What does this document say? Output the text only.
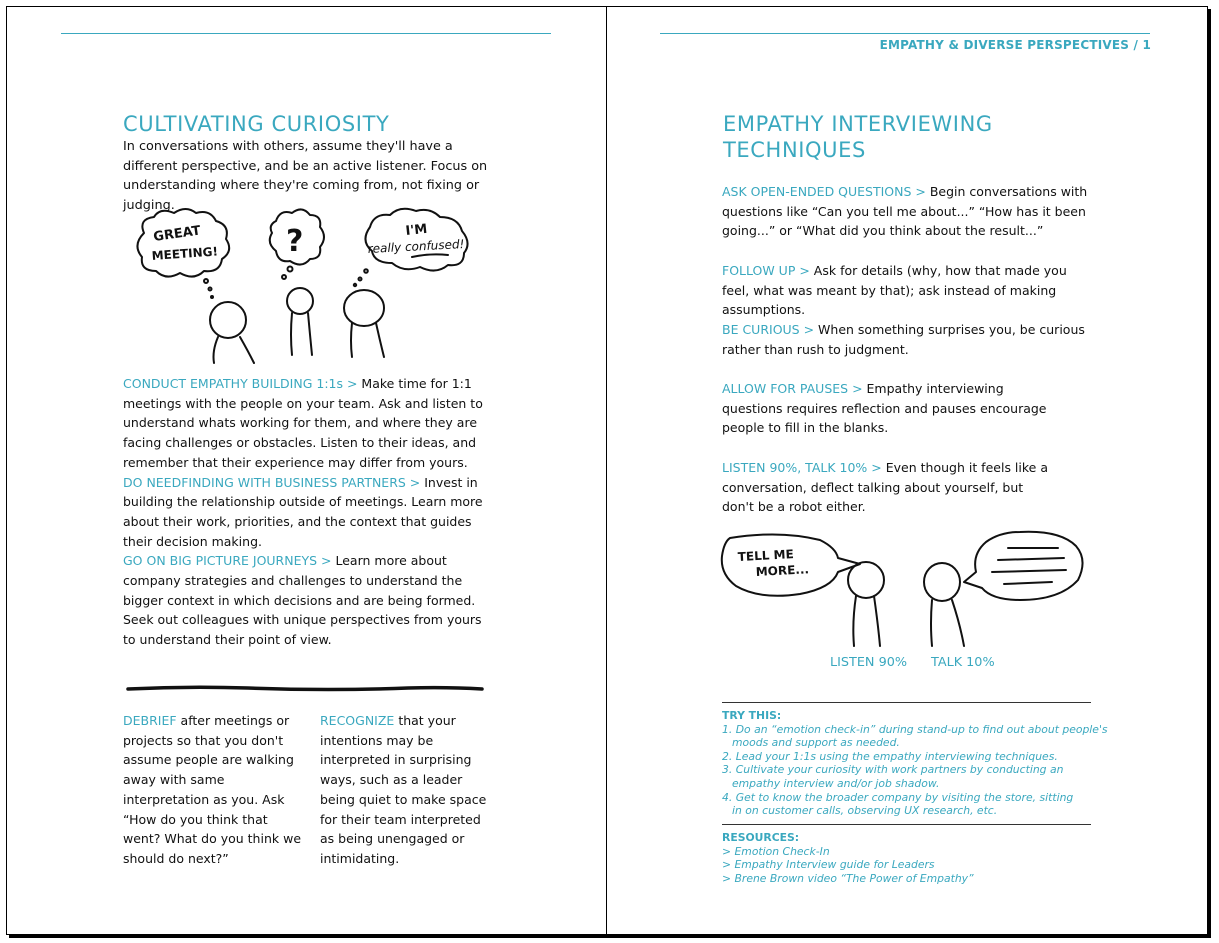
CULTIVATING CURIOSITY

In conversations with others, assume they'll have a different perspective, and be an active listener. Focus on understanding where they're coming from, not fixing or judging.

GREAT
MEETING! ?	I'M
really confused!

CONDUCT EMPATHY BUILDING 1:1s > Make time for 1:1 meetings with the people on your team. Ask and listen to understand whats working for them, and where they are facing challenges or obstacles. Listen to their ideas, and remember that their experience may differ from yours.

DO NEEDFINDING WITH BUSINESS PARTNERS > Invest in building the relationship outside of meetings. Learn more about their work, priorities, and the context that guides their decision making.

GO ON BIG PICTURE JOURNEYS > Learn more about company strategies and challenges to understand the bigger context in which decisions and are being formed. Seek out colleagues with unique perspectives from yours to understand their point of view.

DEBRIEF after meetings or projects so that you don't assume people are walking away with same interpretation as you. Ask “How do you think that went? What do you think we should do next?”

RECOGNIZE that your intentions may be interpreted in surprising ways, such as a leader being quiet to make space for their team interpreted as being unengaged or intimidating.

EMPATHY & DIVERSE PERSPECTIVES / 1
EMPATHY INTERVIEWING
TECHNIQUES

ASK OPEN-ENDED QUESTIONS > Begin conversations with questions like “Can you tell me about...” “How has it been going...” or “What did you think about the result...”

FOLLOW UP > Ask for details (why, how that made you feel, what was meant by that); ask instead of making assumptions.

BE CURIOUS > When something surprises you, be curious rather than rush to judgment.

ALLOW FOR PAUSES > Empathy interviewing questions requires reflection and pauses encourage people to fill in the blanks.

LISTEN 90%, TALK 10% > Even though it feels like a conversation, deflect talking about yourself, but don't be a robot either.

TELL ME
MORE...
LISTEN 90% TALK 10%
TRY THIS:
1. Do an “emotion check-in” during stand-up to find out about people's
moods and support as needed.
2. Lead your 1:1s using the empathy interviewing techniques.
3. Cultivate your curiosity with work partners by conducting an
empathy interview and/or job shadow.
4. Get to know the broader company by visiting the store, sitting
in on customer calls, observing UX research, etc.
RESOURCES:
> Emotion Check-In
> Empathy Interview guide for Leaders
> Brene Brown video “The Power of Empathy”
